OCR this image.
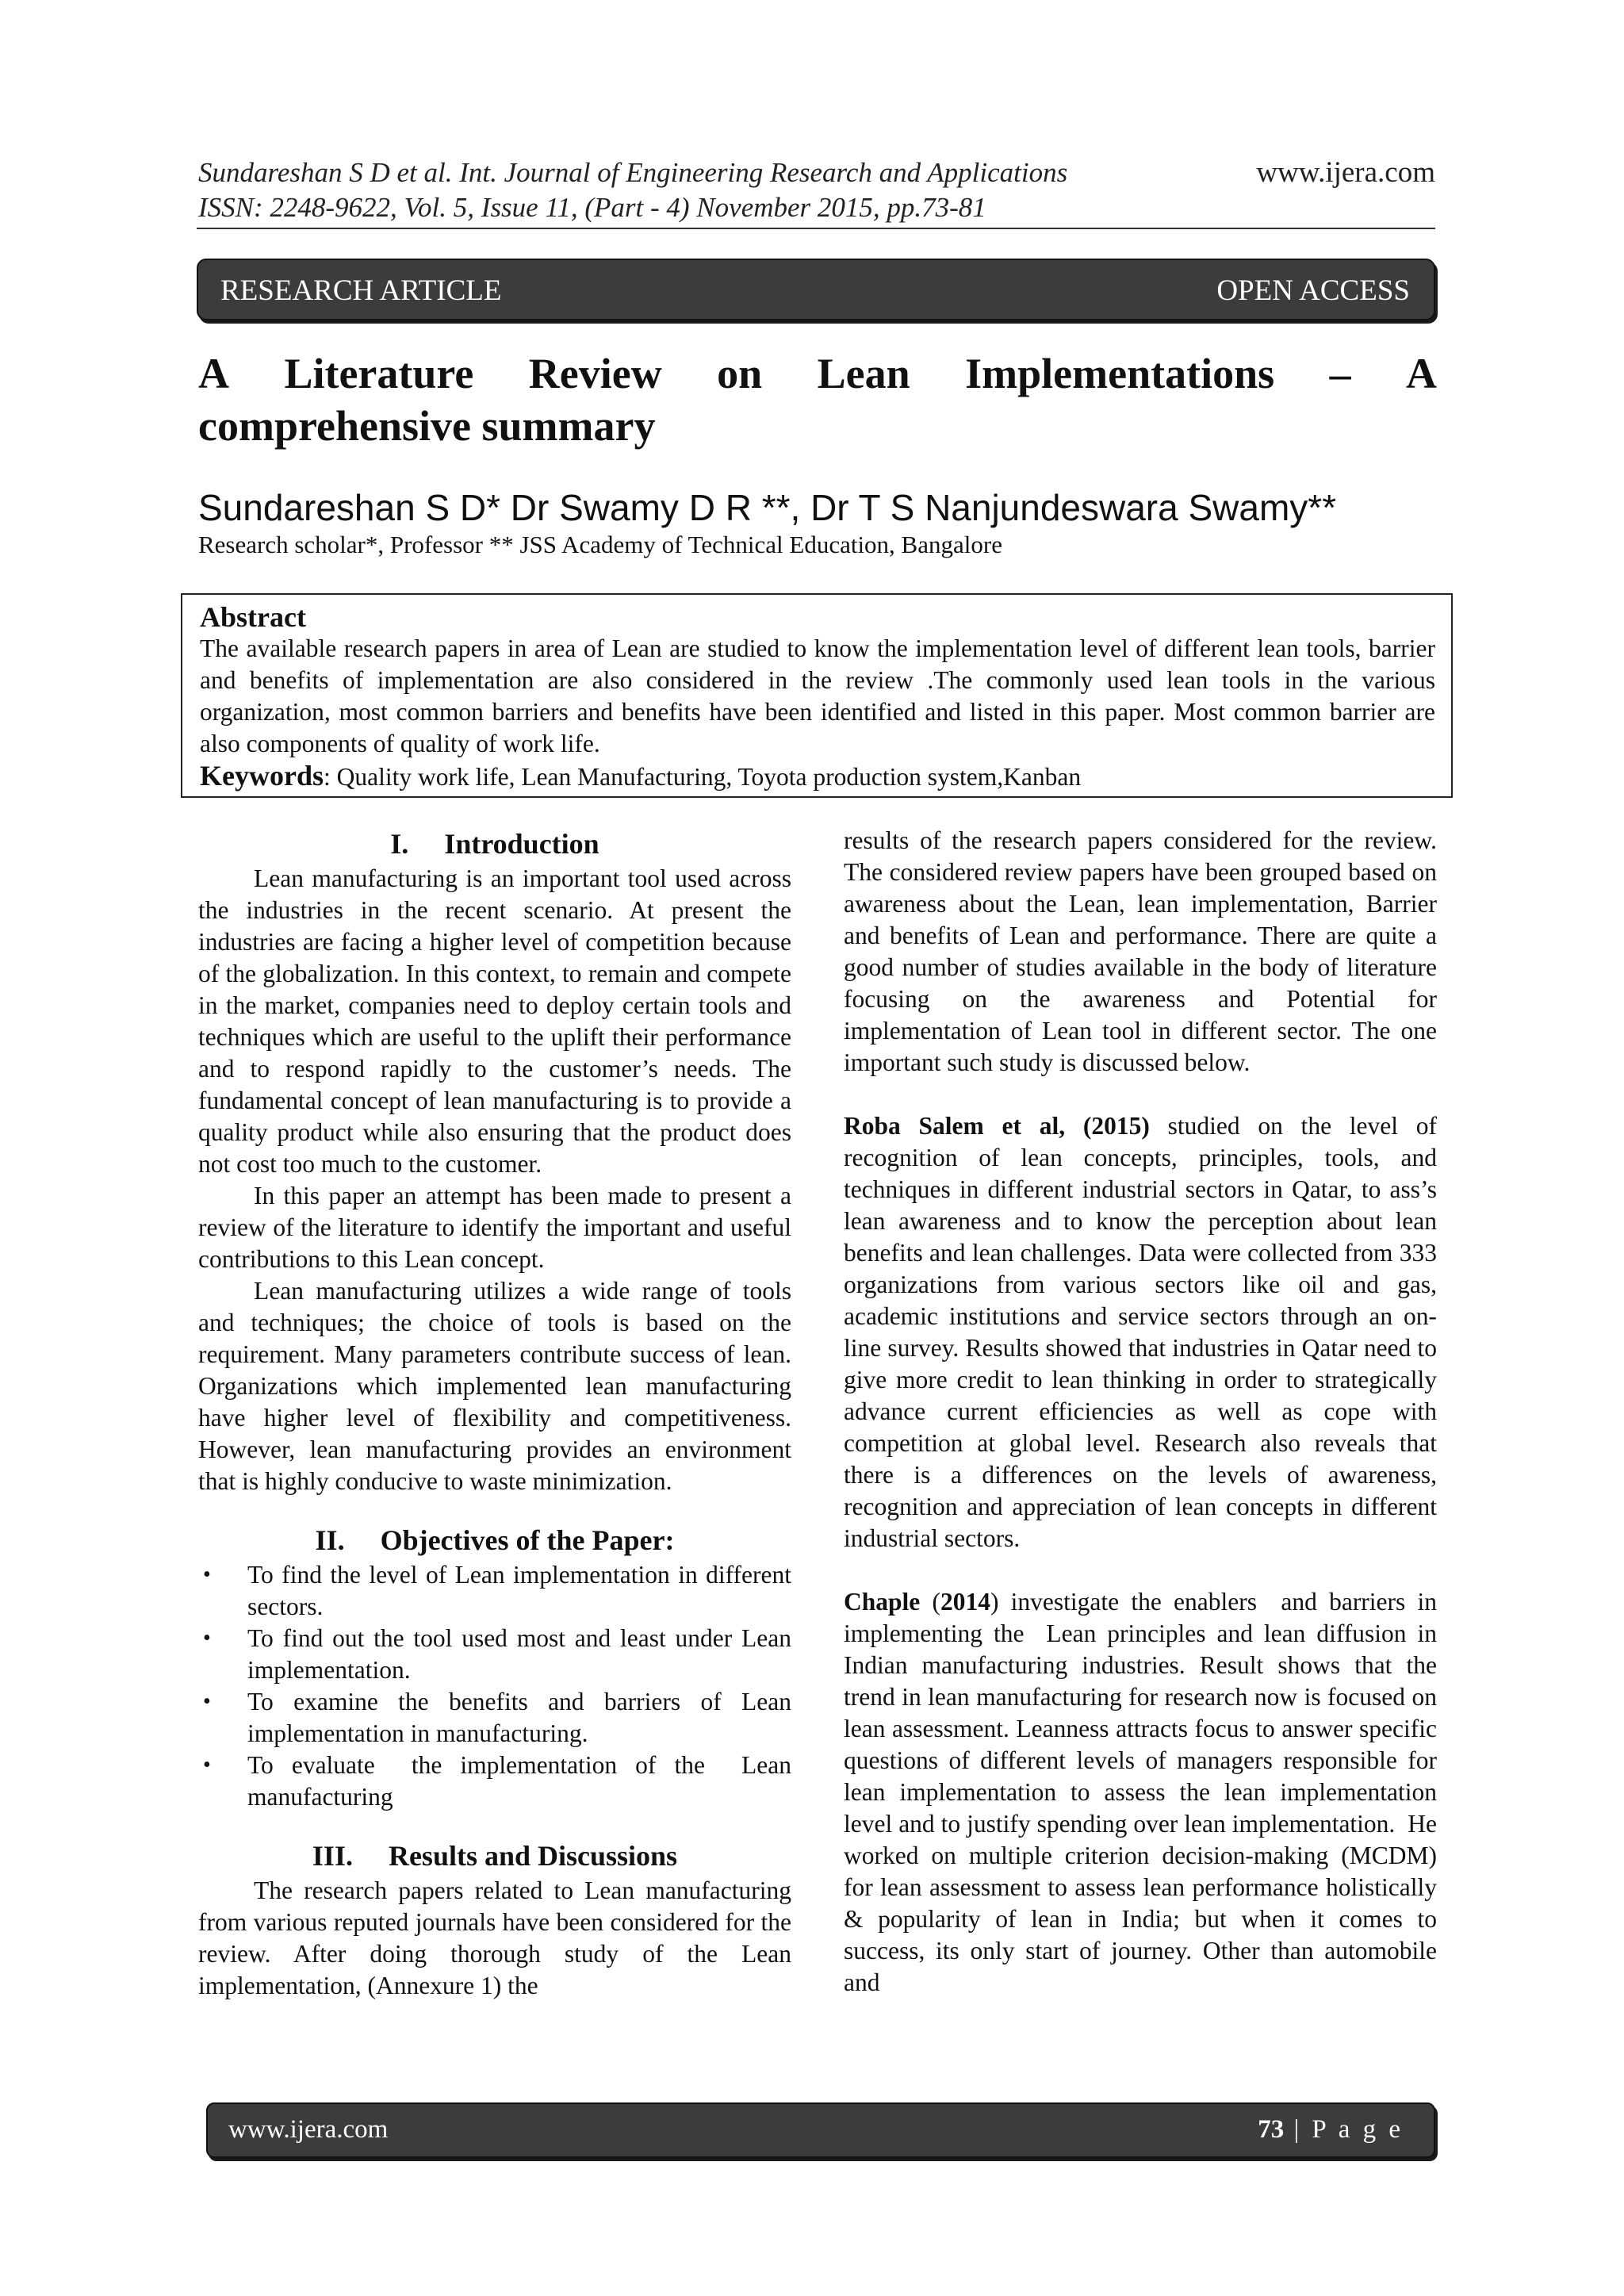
Sundareshan S D et al. Int. Journal of Engineering Research and Applications
ISSN: 2248-9622, Vol. 5, Issue 11, (Part - 4) November 2015, pp.73-81
www.ijera.com
RESEARCH ARTICLE	OPEN ACCESS
A Literature Review on Lean Implementations – A
comprehensive summary
Sundareshan S D* Dr Swamy D R **, Dr T S Nanjundeswara Swamy**
Research scholar*, Professor ** JSS Academy of Technical Education, Bangalore
Abstract

The available research papers in area of Lean are studied to know the implementation level of different lean tools, barrier and benefits of implementation are also considered in the review .The commonly used lean tools in the various organization, most common barriers and benefits have been identified and listed in this paper. Most common barrier are also components of quality of work life.

Keywords: Quality work life, Lean Manufacturing, Toyota production system,Kanban
I.     Introduction

Lean manufacturing is an important tool used across the industries in the recent scenario. At present the industries are facing a higher level of competition because of the globalization. In this context, to remain and compete in the market, companies need to deploy certain tools and techniques which are useful to the uplift their performance and to respond rapidly to the customer’s needs. The fundamental concept of lean manufacturing is to provide a quality product while also ensuring that the product does not cost too much to the customer.

In this paper an attempt has been made to present a review of the literature to identify the important and useful contributions to this Lean concept.

Lean manufacturing utilizes a wide range of tools and techniques; the choice of tools is based on the requirement. Many parameters contribute success of lean. Organizations which implemented lean manufacturing have higher level of flexibility and competitiveness. However, lean manufacturing provides an environment that is highly conducive to waste minimization.

II.     Objectives of the Paper:
• To find the level of Lean implementation in different sectors.
• To find out the tool used most and least under Lean implementation.
• To examine the benefits and barriers of Lean implementation in manufacturing.
• To evaluate  the implementation of the  Lean manufacturing
III.     Results and Discussions

The research papers related to Lean manufacturing from various reputed journals have been considered for the review. After doing thorough study of the Lean implementation, (Annexure 1) the

results of the research papers considered for the review. The considered review papers have been grouped based on awareness about the Lean, lean implementation, Barrier and benefits of Lean and performance. There are quite a good number of studies available in the body of literature focusing on the awareness and Potential for implementation of Lean tool in different sector. The one important such study is discussed below.

Roba Salem et al, (2015) studied on the level of recognition of lean concepts, principles, tools, and techniques in different industrial sectors in Qatar, to ass’s lean awareness and to know the perception about lean benefits and lean challenges. Data were collected from 333 organizations from various sectors like oil and gas, academic institutions and service sectors through an on-line survey. Results showed that industries in Qatar need to give more credit to lean thinking in order to strategically advance current efficiencies as well as cope with competition at global level. Research also reveals that there is a differences on the levels of awareness, recognition and appreciation of lean concepts in different industrial sectors.

Chaple (2014) investigate the enablers  and barriers in implementing the  Lean principles and lean diffusion in Indian manufacturing industries. Result shows that the trend in lean manufacturing for research now is focused on lean assessment. Leanness attracts focus to answer specific questions of different levels of managers responsible for lean implementation to assess the lean implementation level and to justify spending over lean implementation.  He worked on multiple criterion decision-making (MCDM) for lean assessment to assess lean performance holistically & popularity of lean in India; but when it comes to success, its only start of journey. Other than automobile and

www.ijera.com	73 | P a g e
